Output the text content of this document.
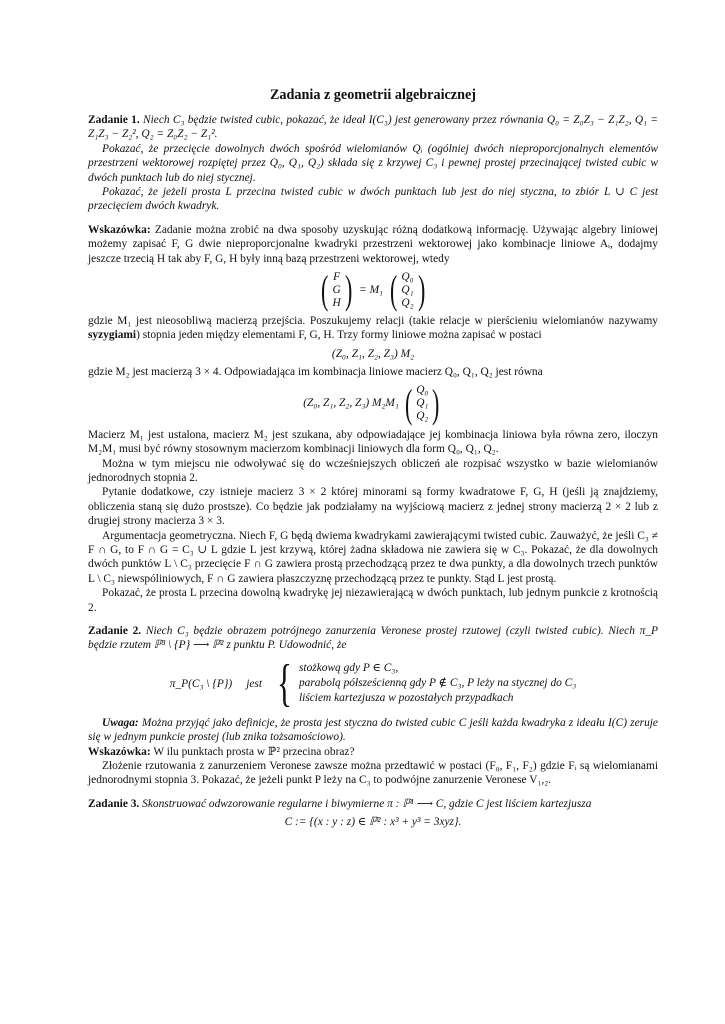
Zadania z geometrii algebraicznej

Zadanie 1. Niech C₃ będzie twisted cubic, pokazać, że ideał I(C₃) jest generowany przez równania Q₀ = Z₀Z₃ − Z₁Z₂, Q₁ = Z₁Z₃ − Z₂², Q₂ = Z₀Z₂ − Z₁².

Pokazać, że przecięcie dowolnych dwóch spośród wielomianów Qᵢ (ogólniej dwóch nieproporcjonalnych elementów przestrzeni wektorowej rozpiętej przez Q₀, Q₁, Q₂) składa się z krzywej C₃ i pewnej prostej przecinającej twisted cubic w dwóch punktach lub do niej stycznej.

Pokazać, że jeżeli prosta L przecina twisted cubic w dwóch punktach lub jest do niej styczna, to zbiór L ∪ C jest przecięciem dwóch kwadryk.

Wskazówka: Zadanie można zrobić na dwa sposoby uzyskując różną dodatkową informację. Używając algebry liniowej możemy zapisać F, G dwie nieproporcjonalne kwadryki przestrzeni wektorowej jako kombinacje liniowe Aᵢ, dodajmy jeszcze trzecią H tak aby F, G, H były inną bazą przestrzeni wektorowej, wtedy

( F
G
H ) = M₁ ( Q₀
Q₁
Q₂ )

gdzie M₁ jest nieosobliwą macierzą przejścia. Poszukujemy relacji (takie relacje w pierścieniu wielomianów nazywamy syzygiami) stopnia jeden między elementami F, G, H. Trzy formy liniowe można zapisać w postaci

(Z₀, Z₁, Z₂, Z₃) M₂

gdzie M₂ jest macierzą 3 × 4. Odpowiadająca im kombinacja liniowe macierz Q₀, Q₁, Q₂ jest równa

(Z₀, Z₁, Z₂, Z₃) M₂M₁ ( Q₀
Q₁
Q₂ )

Macierz M₁ jest ustalona, macierz M₂ jest szukana, aby odpowiadające jej kombinacja liniowa była równa zero, iloczyn M₂M₁ musi być równy stosownym macierzom kombinacji liniowych dla form Q₀, Q₁, Q₂.

Można w tym miejscu nie odwoływać się do wcześniejszych obliczeń ale rozpisać wszystko w bazie wielomianów jednorodnych stopnia 2.

Pytanie dodatkowe, czy istnieje macierz 3 × 2 której minorami są formy kwadratowe F, G, H (jeśli ją znajdziemy, obliczenia staną się dużo prostsze). Co będzie jak podziałamy na wyjściową macierz z jednej strony macierzą 2 × 2 lub z drugiej strony macierza 3 × 3.

Argumentacja geometryczna. Niech F, G będą dwiema kwadrykami zawierającymi twisted cubic. Zauważyć, że jeśli C₃ ≠ F ∩ G, to F ∩ G = C₃ ∪ L gdzie L jest krzywą, której żadna składowa nie zawiera się w C₃. Pokazać, że dla dowolnych dwóch punktów L \ C₃ przecięcie F ∩ G zawiera prostą przechodzącą przez te dwa punkty, a dla dowolnych trzech punktów L \ C₃ niewspóliniowych, F ∩ G zawiera płaszczyznę przechodzącą przez te punkty. Stąd L jest prostą.

Pokazać, że prosta L przecina dowolną kwadrykę jej niezawierającą w dwóch punktach, lub jednym punkcie z krotnością 2.

Zadanie 2. Niech C₃ będzie obrazem potrójnego zanurzenia Veronese prostej rzutowej (czyli twisted cubic). Niech π_P będzie rzutem ℙ³ \ {P} ⟶ ℙ² z punktu P. Udowodnić, że

π_P(C₃ \ {P}) jest { stożkową gdy P ∈ C₃,
parabolą półsześcienną gdy P ∉ C₃, P leży na stycznej do C₃
liściem kartezjusza w pozostałych przypadkach

Uwaga: Można przyjąć jako definicje, że prosta jest styczna do twisted cubic C jeśli każda kwadryka z ideału I(C) zeruje się w jednym punkcie prostej (lub znika tożsamościowo).

Wskazówka: W ilu punktach prosta w ℙ² przecina obraz?

Złożenie rzutowania z zanurzeniem Veronese zawsze można przedtawić w postaci (F₀, F₁, F₂) gdzie Fᵢ są wielomianami jednorodnymi stopnia 3. Pokazać, że jeżeli punkt P leży na C₃ to podwójne zanurzenie Veronese V₁,₂.

Zadanie 3. Skonstruować odwzorowanie regularne i biwymierne π : ℙ¹ ⟶ C, gdzie C jest liściem kartezjusza

C := {(x : y : z) ∈ ℙ² : x³ + y³ = 3xyz}.
